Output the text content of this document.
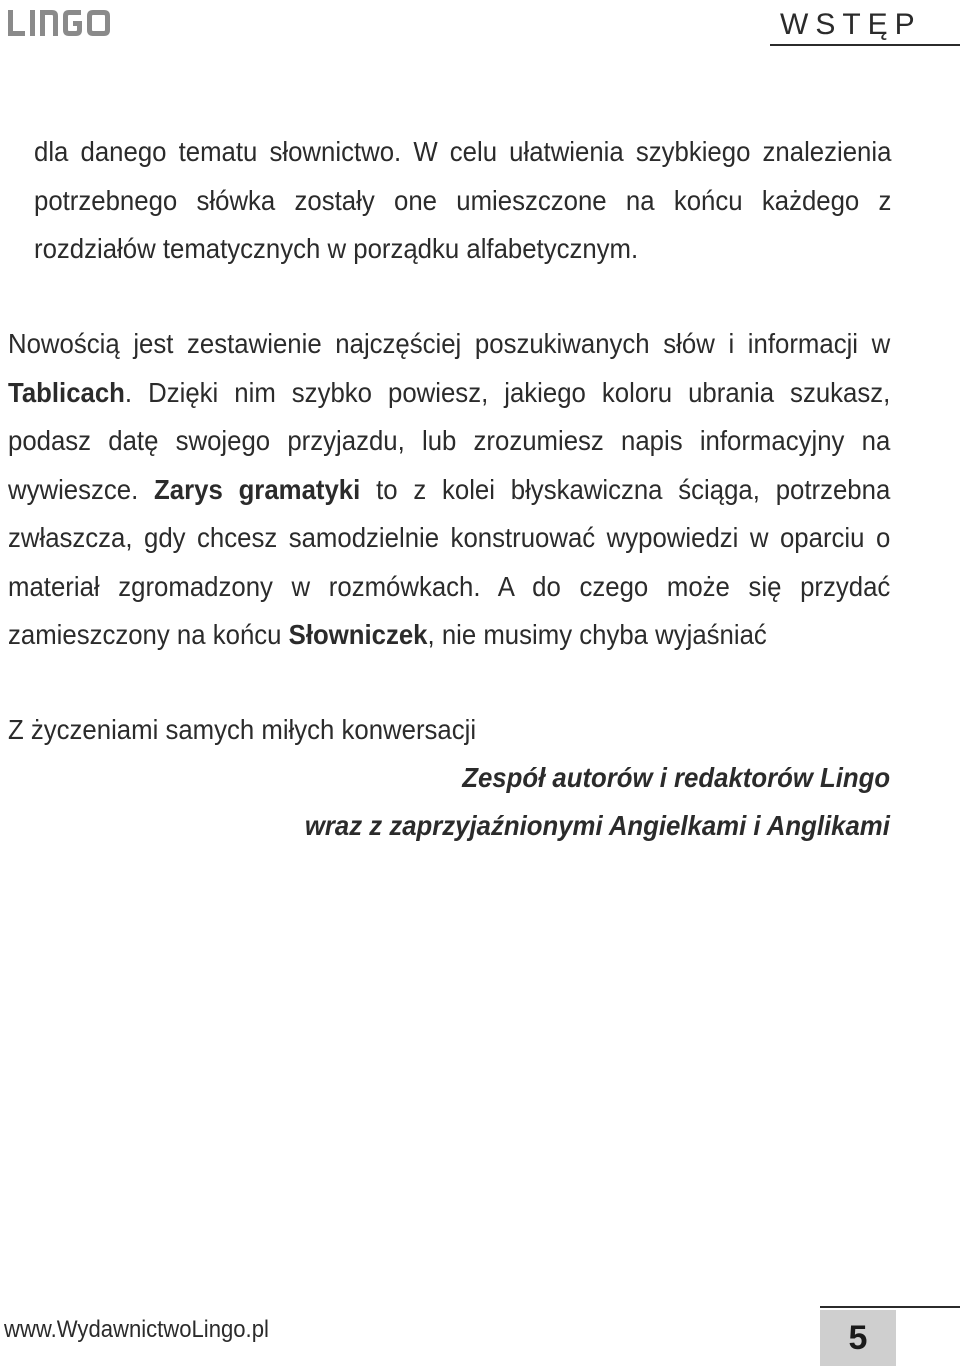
WSTĘP

dla danego tematu słownictwo. W celu ułatwienia szybkiego znalezienia potrzebnego słówka zostały one umieszczone na końcu każdego z rozdziałów tematycznych w porządku alfabetycznym.

Nowością jest zestawienie najczęściej poszukiwanych słów i informacji w Tablicach. Dzięki nim szybko powiesz, jakiego koloru ubrania szukasz, podasz datę swojego przyjazdu, lub zrozumiesz napis informacyjny na wywieszce. Zarys gramatyki to z kolei błyskawiczna ściąga, potrzebna zwłaszcza, gdy chcesz samodzielnie konstruować wypowiedzi w oparciu o materiał zgromadzony w rozmówkach. A do czego może się przydać zamieszczony na końcu Słowniczek, nie musimy chyba wyjaśniać

Z życzeniami samych miłych konwersacji

Zespół autorów i redaktorów Lingo
wraz z zaprzyjaźnionymi Angielkami i Anglikami
www.WydawnictwoLingo.pl	5
